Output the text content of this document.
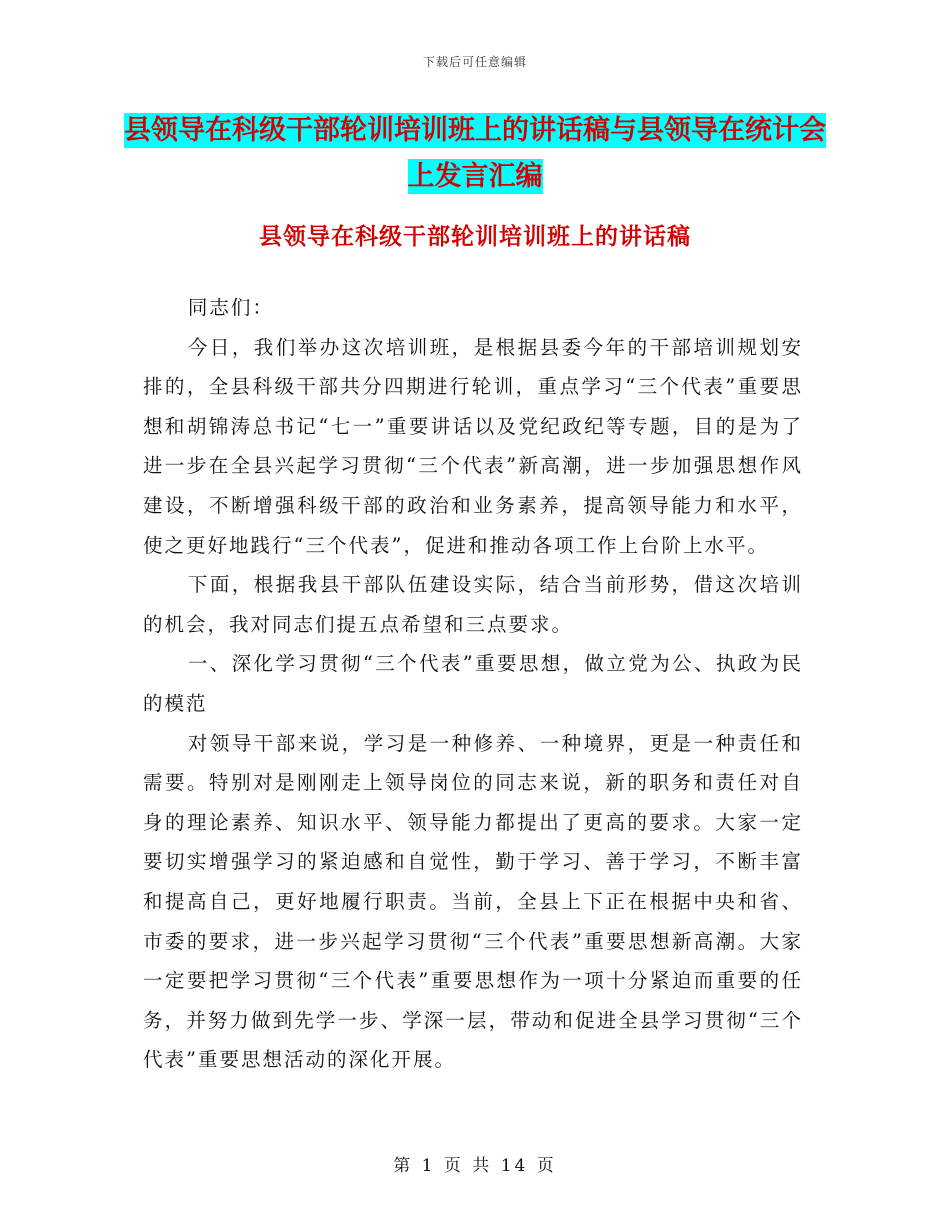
下载后可任意编辑
县领导在科级干部轮训培训班上的讲话稿与县领导在统计会上发言汇编
县领导在科级干部轮训培训班上的讲话稿

同志们：

今日，我们举办这次培训班，是根据县委今年的干部培训规划安排的，全县科级干部共分四期进行轮训，重点学习“三个代表”重要思想和胡锦涛总书记“七一”重要讲话以及党纪政纪等专题，目的是为了进一步在全县兴起学习贯彻“三个代表”新高潮，进一步加强思想作风建设，不断增强科级干部的政治和业务素养，提高领导能力和水平，使之更好地践行“三个代表”，促进和推动各项工作上台阶上水平。

下面，根据我县干部队伍建设实际，结合当前形势，借这次培训的机会，我对同志们提五点希望和三点要求。

一、深化学习贯彻“三个代表”重要思想，做立党为公、执政为民的模范

对领导干部来说，学习是一种修养、一种境界，更是一种责任和需要。特别对是刚刚走上领导岗位的同志来说，新的职务和责任对自身的理论素养、知识水平、领导能力都提出了更高的要求。大家一定要切实增强学习的紧迫感和自觉性，勤于学习、善于学习，不断丰富和提高自己，更好地履行职责。当前，全县上下正在根据中央和省、市委的要求，进一步兴起学习贯彻“三个代表”重要思想新高潮。大家一定要把学习贯彻“三个代表”重要思想作为一项十分紧迫而重要的任务，并努力做到先学一步、学深一层，带动和促进全县学习贯彻“三个代表”重要思想活动的深化开展。

第 1 页 共 14 页
